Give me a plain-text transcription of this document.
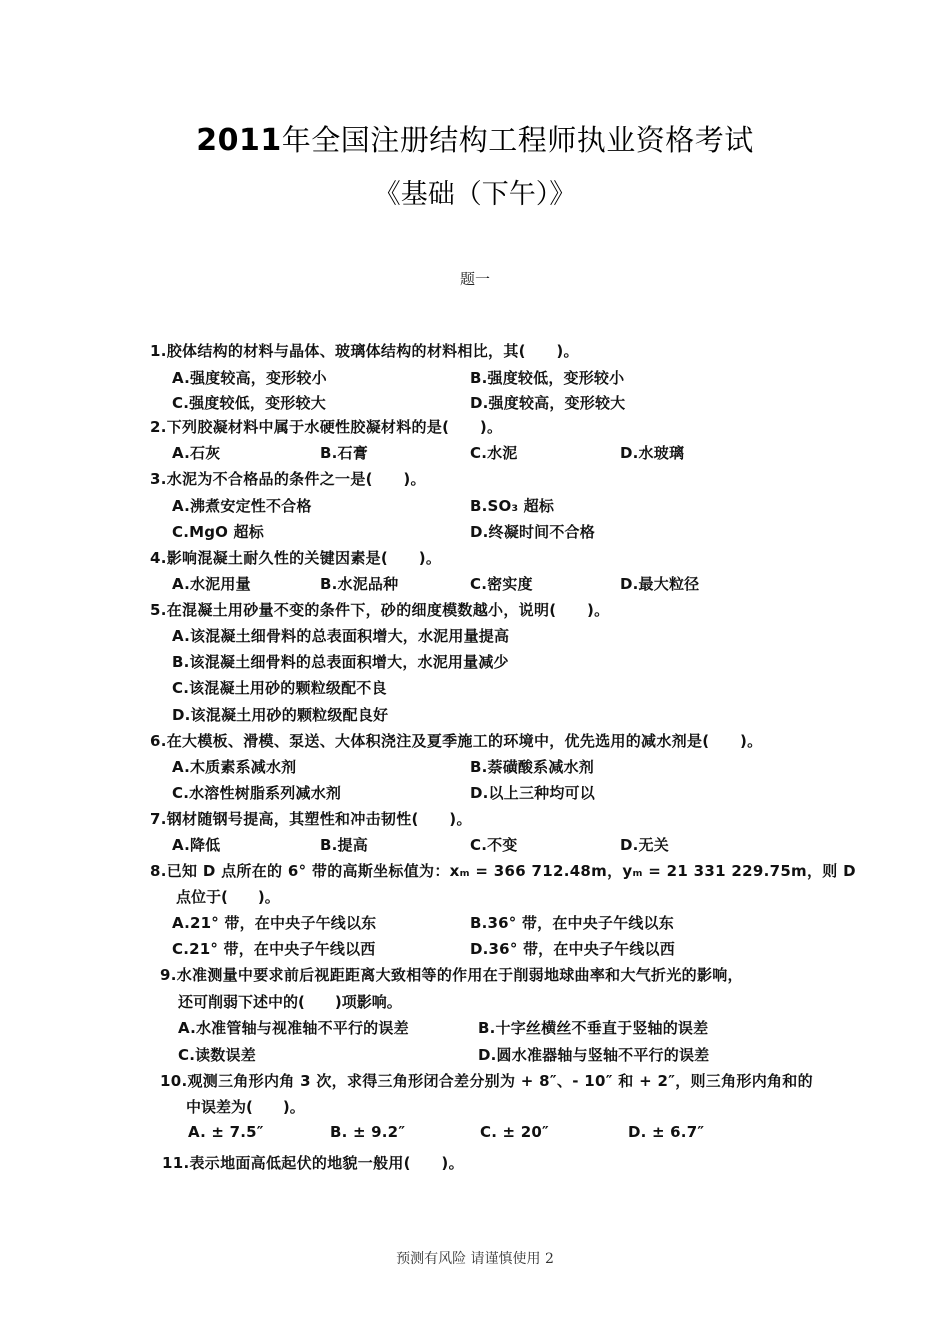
2011年全国注册结构工程师执业资格考试
《基础（下午）》
题一
1.胶体结构的材料与晶体、玻璃体结构的材料相比，其(　　)。
A.强度较高，变形较小	B.强度较低，变形较小
C.强度较低，变形较大	D.强度较高，变形较大
2.下列胶凝材料中属于水硬性胶凝材料的是(　　)。
A.石灰	B.石膏	C.水泥	D.水玻璃
3.水泥为不合格品的条件之一是(　　)。
A.沸煮安定性不合格	B.SO₃ 超标
C.MgO 超标	D.终凝时间不合格
4.影响混凝土耐久性的关键因素是(　　)。
A.水泥用量	B.水泥品种	C.密实度	D.最大粒径
5.在混凝土用砂量不变的条件下，砂的细度模数越小，说明(　　)。
A.该混凝土细骨料的总表面积增大，水泥用量提高
B.该混凝土细骨料的总表面积增大，水泥用量减少
C.该混凝土用砂的颗粒级配不良
D.该混凝土用砂的颗粒级配良好
6.在大模板、滑模、泵送、大体积浇注及夏季施工的环境中，优先选用的减水剂是(　　)。
A.木质素系减水剂	B.萘磺酸系减水剂
C.水溶性树脂系列减水剂	D.以上三种均可以
7.钢材随钢号提高，其塑性和冲击韧性(　　)。
A.降低	B.提高	C.不变	D.无关
8.已知 D 点所在的 6° 带的高斯坐标值为：xₘ = 366 712.48m，yₘ = 21 331 229.75m，则 D
点位于(　　)。
A.21° 带，在中央子午线以东	B.36° 带，在中央子午线以东
C.21° 带，在中央子午线以西	D.36° 带，在中央子午线以西
9.水准测量中要求前后视距距离大致相等的作用在于削弱地球曲率和大气折光的影响，
还可削弱下述中的(　　)项影响。
A.水准管轴与视准轴不平行的误差	B.十字丝横丝不垂直于竖轴的误差
C.读数误差	D.圆水准器轴与竖轴不平行的误差
10.观测三角形内角 3 次，求得三角形闭合差分别为 + 8″、- 10″ 和 + 2″，则三角形内角和的
中误差为(　　)。
A. ± 7.5″	B. ± 9.2″	C. ± 20″	D. ± 6.7″
11.表示地面高低起伏的地貌一般用(　　)。
预测有风险 请谨慎使用 2
